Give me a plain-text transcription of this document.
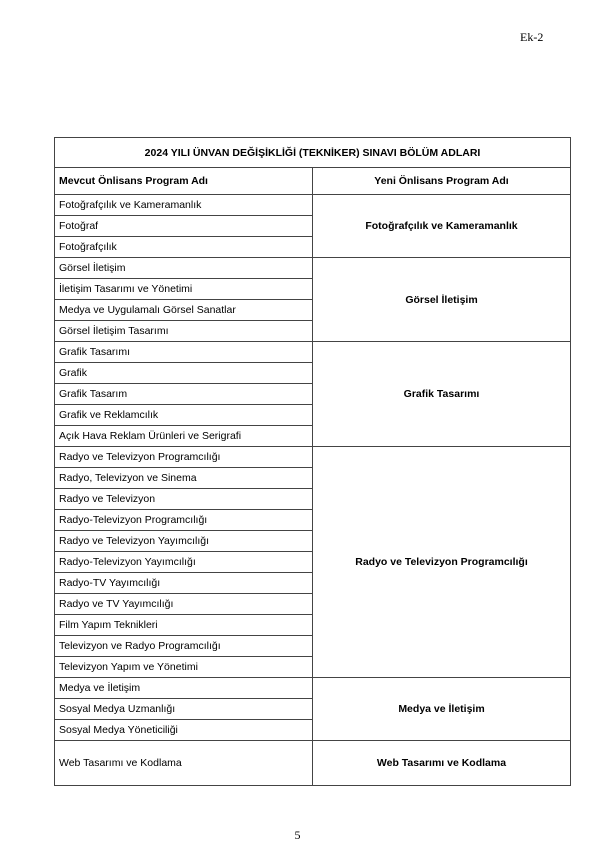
Ek-2
2024 YILI ÜNVAN DEĞİŞİKLİĞİ (TEKNİKER) SINAVI BÖLÜM ADLARI	
Mevcut Önlisans Program Adı	Yeni Önlisans Program Adı
Fotoğrafçılık ve Kameramanlık	Fotoğrafçılık ve Kameramanlık
Fotoğraf	
Fotoğrafçılık	
Görsel İletişim	Görsel İletişim
İletişim Tasarımı ve Yönetimi	
Medya ve Uygulamalı Görsel Sanatlar	
Görsel İletişim Tasarımı	
Grafik Tasarımı	Grafik Tasarımı
Grafik	
Grafik Tasarım	
Grafik ve Reklamcılık	
Açık Hava Reklam Ürünleri ve Serigrafi	
Radyo ve Televizyon Programcılığı	Radyo ve Televizyon Programcılığı
Radyo, Televizyon ve Sinema	
Radyo ve Televizyon	
Radyo-Televizyon Programcılığı	
Radyo ve Televizyon Yayımcılığı	
Radyo-Televizyon Yayımcılığı	
Radyo-TV Yayımcılığı	
Radyo ve TV Yayımcılığı	
Film Yapım Teknikleri	
Televizyon ve Radyo Programcılığı	
Televizyon Yapım ve Yönetimi	
Medya ve İletişim	Medya ve İletişim
Sosyal Medya Uzmanlığı	
Sosyal Medya Yöneticiliği	
Web Tasarımı ve Kodlama	Web Tasarımı ve Kodlama
5
